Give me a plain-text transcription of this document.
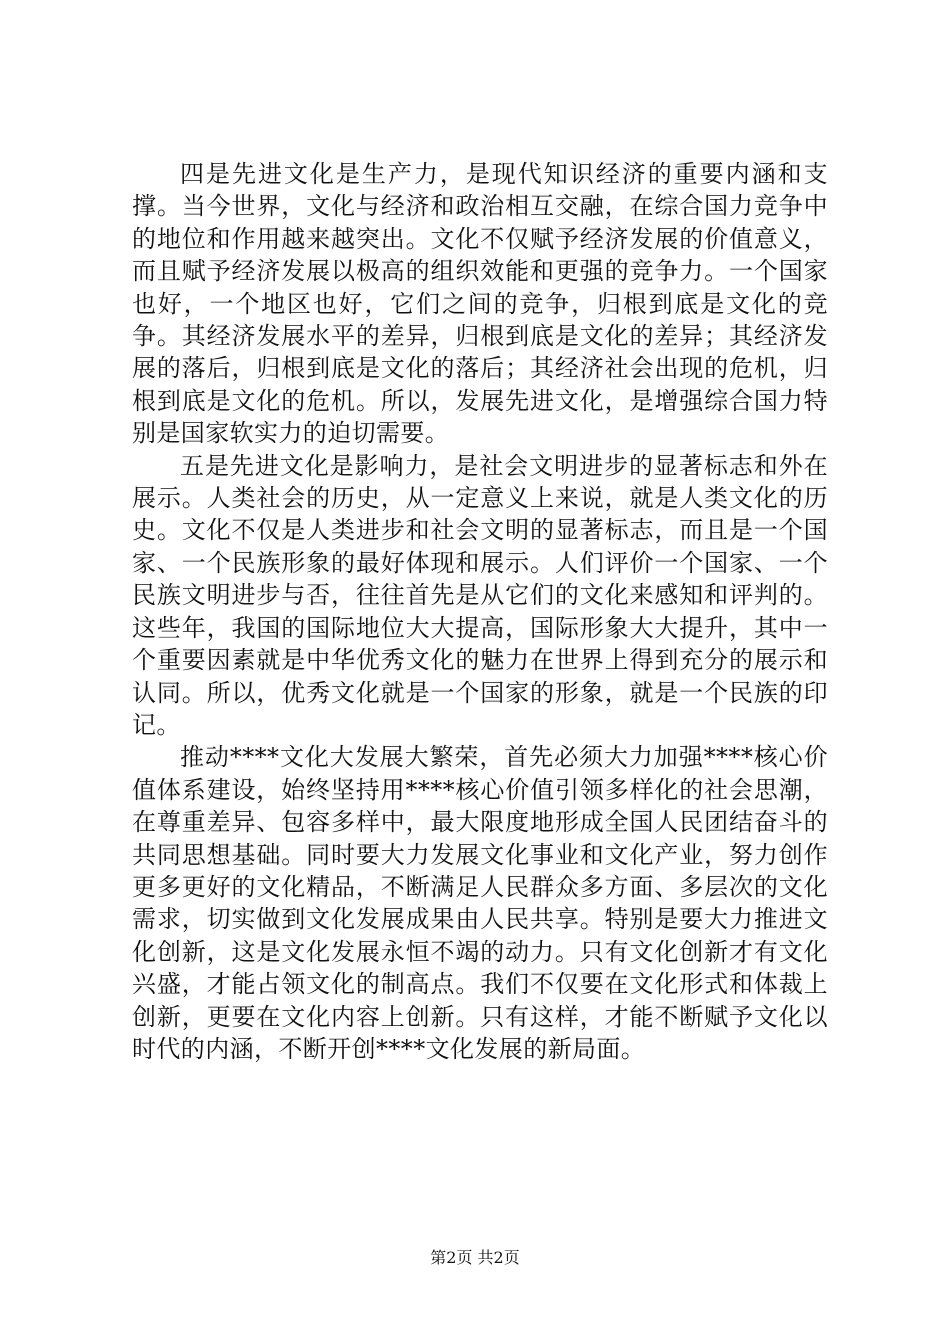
四是先进文化是生产力，是现代知识经济的重要内涵和支撑。当今世界，文化与经济和政治相互交融，在综合国力竞争中的地位和作用越来越突出。文化不仅赋予经济发展的价值意义，而且赋予经济发展以极高的组织效能和更强的竞争力。一个国家也好，一个地区也好，它们之间的竞争，归根到底是文化的竞争。其经济发展水平的差异，归根到底是文化的差异；其经济发展的落后，归根到底是文化的落后；其经济社会出现的危机，归根到底是文化的危机。所以，发展先进文化，是增强综合国力特别是国家软实力的迫切需要。

五是先进文化是影响力，是社会文明进步的显著标志和外在展示。人类社会的历史，从一定意义上来说，就是人类文化的历史。文化不仅是人类进步和社会文明的显著标志，而且是一个国家、一个民族形象的最好体现和展示。人们评价一个国家、一个民族文明进步与否，往往首先是从它们的文化来感知和评判的。这些年，我国的国际地位大大提高，国际形象大大提升，其中一个重要因素就是中华优秀文化的魅力在世界上得到充分的展示和认同。所以，优秀文化就是一个国家的形象，就是一个民族的印记。

推动****文化大发展大繁荣，首先必须大力加强****核心价值体系建设，始终坚持用****核心价值引领多样化的社会思潮，在尊重差异、包容多样中，最大限度地形成全国人民团结奋斗的共同思想基础。同时要大力发展文化事业和文化产业，努力创作更多更好的文化精品，不断满足人民群众多方面、多层次的文化需求，切实做到文化发展成果由人民共享。特别是要大力推进文化创新，这是文化发展永恒不竭的动力。只有文化创新才有文化兴盛，才能占领文化的制高点。我们不仅要在文化形式和体裁上创新，更要在文化内容上创新。只有这样，才能不断赋予文化以时代的内涵，不断开创****文化发展的新局面。

第2页 共2页
